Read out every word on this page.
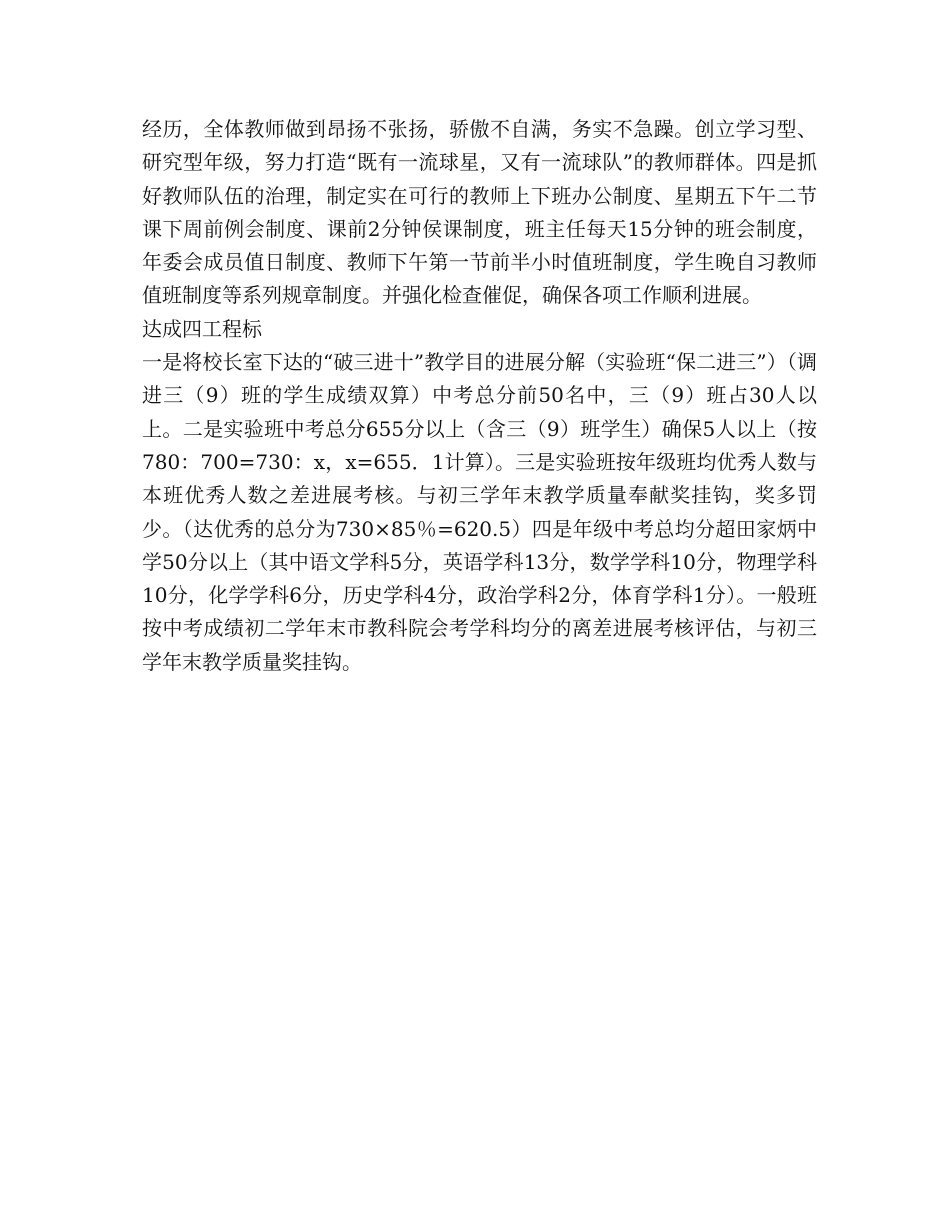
经历，全体教师做到昂扬不张扬，骄傲不自满，务实不急躁。创立学习型、研究型年级，努力打造“既有一流球星，又有一流球队”的教师群体。四是抓好教师队伍的治理，制定实在可行的教师上下班办公制度、星期五下午二节课下周前例会制度、课前2分钟侯课制度，班主任每天15分钟的班会制度，年委会成员值日制度、教师下午第一节前半小时值班制度，学生晚自习教师值班制度等系列规章制度。并强化检查催促，确保各项工作顺利进展。

达成四工程标

一是将校长室下达的“破三进十”教学目的进展分解（实验班“保二进三”）（调进三（9）班的学生成绩双算）中考总分前50名中，三（9）班占30人以上。二是实验班中考总分655分以上（含三（9）班学生）确保5人以上（按780：700=730：x，x=655．1计算）。三是实验班按年级班均优秀人数与本班优秀人数之差进展考核。与初三学年末教学质量奉献奖挂钩，奖多罚少。（达优秀的总分为730×85％=620.5）四是年级中考总均分超田家炳中学50分以上（其中语文学科5分，英语学科13分，数学学科10分，物理学科10分，化学学科6分，历史学科4分，政治学科2分，体育学科1分）。一般班按中考成绩初二学年末市教科院会考学科均分的离差进展考核评估，与初三学年末教学质量奖挂钩。
